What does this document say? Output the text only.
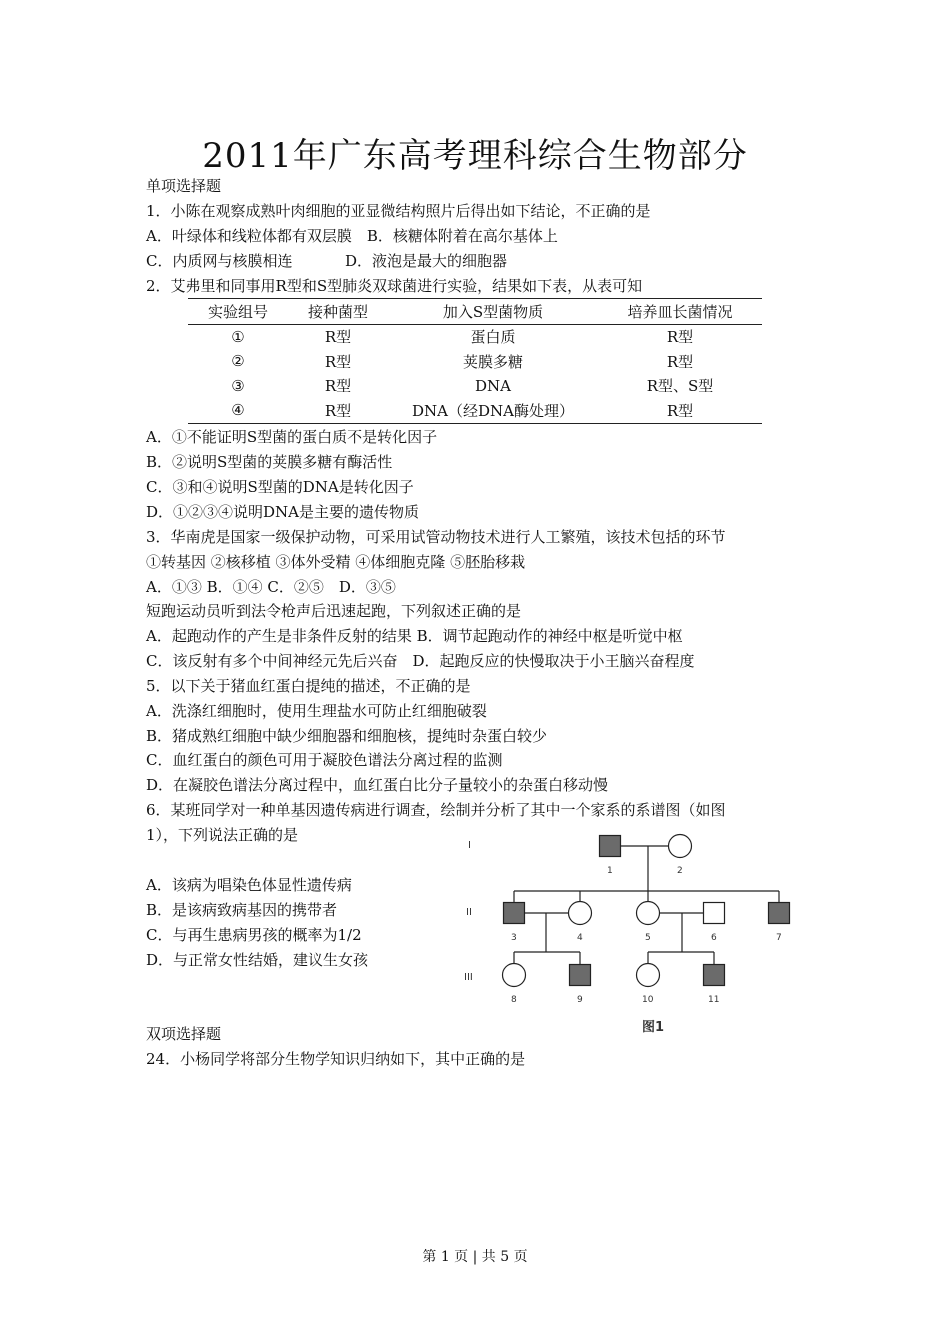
2011年广东高考理科综合生物部分
单项选择题
1．小陈在观察成熟叶肉细胞的亚显微结构照片后得出如下结论，不正确的是
A．叶绿体和线粒体都有双层膜　B．核糖体附着在高尔基体上
C．内质网与核膜相连	D．液泡是最大的细胞器
2．艾弗里和同事用R型和S型肺炎双球菌进行实验，结果如下表，从表可知
实验组号	接种菌型	加入S型菌物质	培养皿长菌情况
①	R型	蛋白质	R型
②	R型	荚膜多糖	R型
③	R型	DNA	R型、S型
④	R型	DNA（经DNA酶处理）	R型
A．①不能证明S型菌的蛋白质不是转化因子
B．②说明S型菌的荚膜多糖有酶活性
C．③和④说明S型菌的DNA是转化因子
D．①②③④说明DNA是主要的遗传物质
3．华南虎是国家一级保护动物，可采用试管动物技术进行人工繁殖，该技术包括的环节
①转基因 ②核移植 ③体外受精 ④体细胞克隆 ⑤胚胎移栽
A．①③ B．①④ C．②⑤　D．③⑤
短跑运动员听到法令枪声后迅速起跑，下列叙述正确的是
A．起跑动作的产生是非条件反射的结果 B．调节起跑动作的神经中枢是听觉中枢
C．该反射有多个中间神经元先后兴奋　D．起跑反应的快慢取决于小王脑兴奋程度
5．以下关于猪血红蛋白提纯的描述，不正确的是
A．洗涤红细胞时，使用生理盐水可防止红细胞破裂
B．猪成熟红细胞中缺少细胞器和细胞核，提纯时杂蛋白较少
C．血红蛋白的颜色可用于凝胶色谱法分离过程的监测
D．在凝胶色谱法分离过程中，血红蛋白比分子量较小的杂蛋白移动慢
6．某班同学对一种单基因遗传病进行调查，绘制并分析了其中一个家系的系谱图（如图
1），下列说法正确的是
A．该病为唱染色体显性遗传病
B．是该病致病基因的携带者
C．与再生患病男孩的概率为1/2
D．与正常女性结婚，建议生女孩
I
II
III
1	2
3	4	5	6	7
8	9	10	11
图1
双项选择题
24．小杨同学将部分生物学知识归纳如下，其中正确的是
第 1 页 | 共 5 页
